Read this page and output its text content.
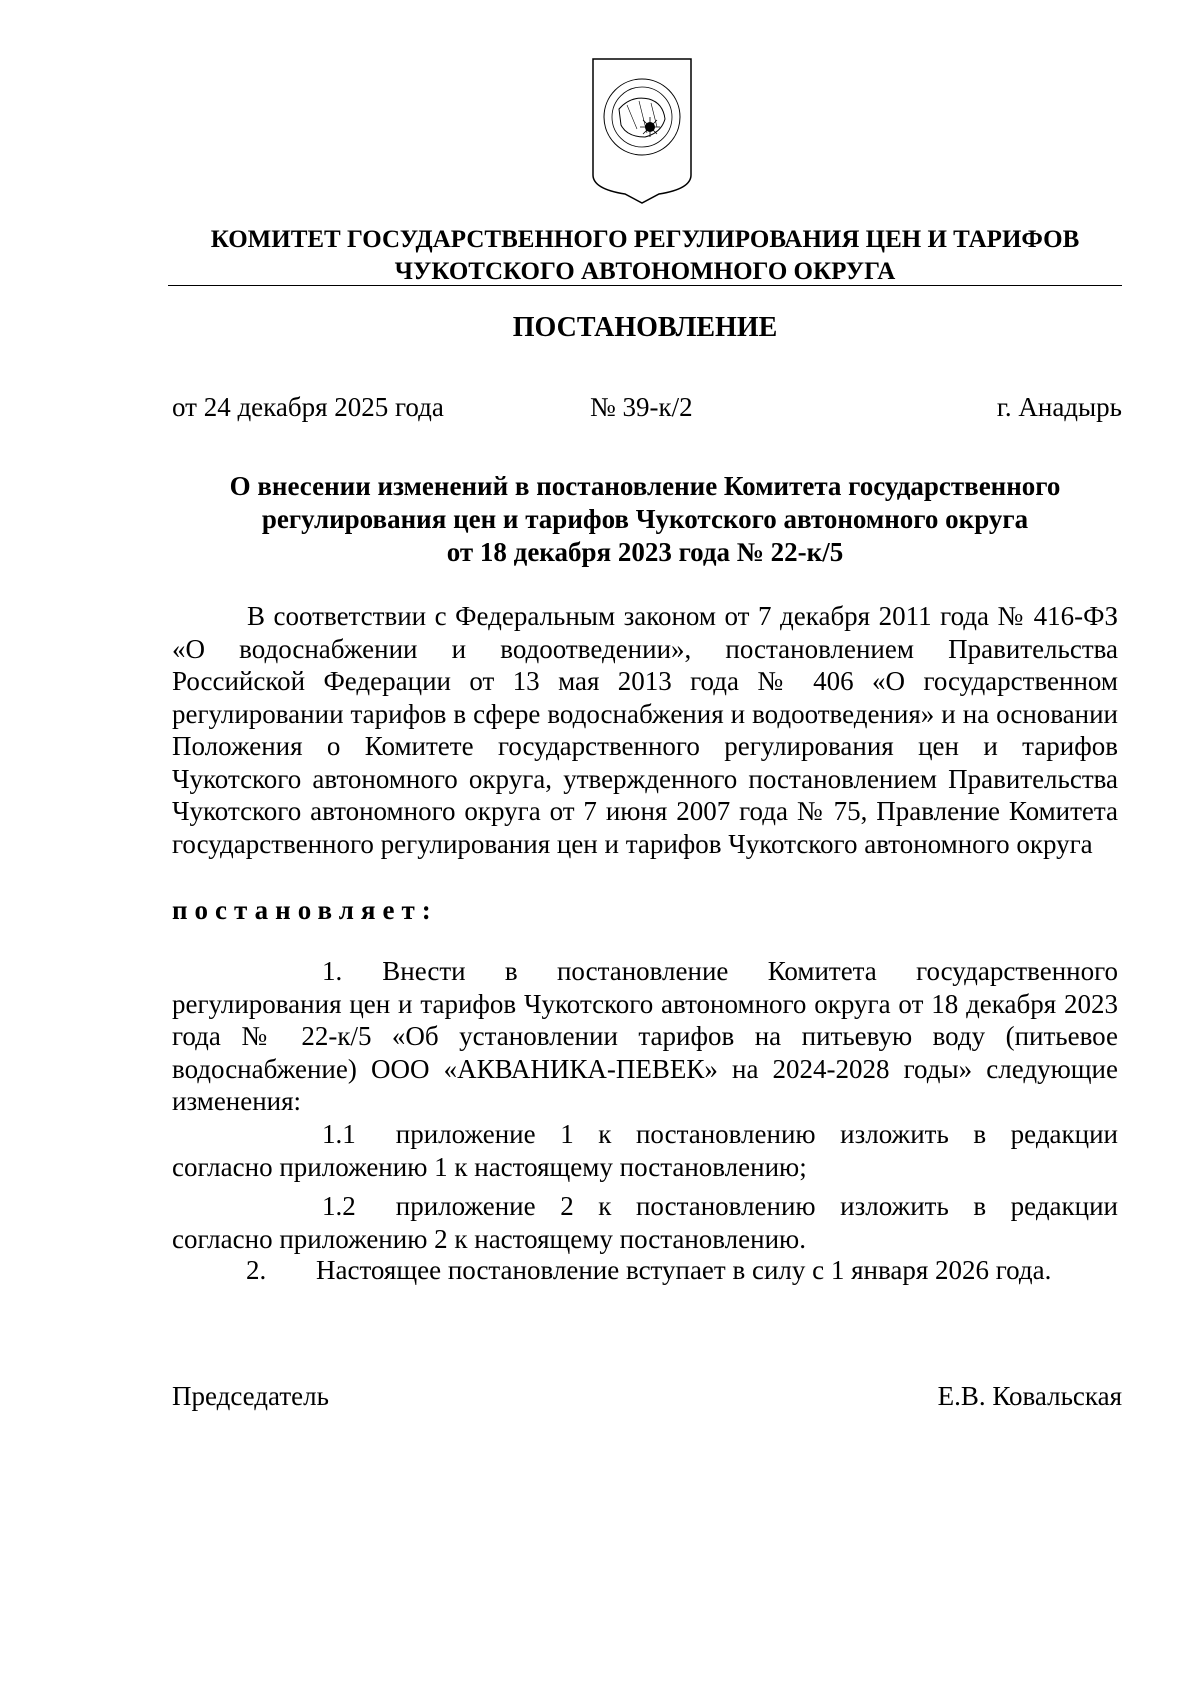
КОМИТЕТ ГОСУДАРСТВЕННОГО РЕГУЛИРОВАНИЯ ЦЕН И ТАРИФОВ
ЧУКОТСКОГО АВТОНОМНОГО ОКРУГА
ПОСТАНОВЛЕНИЕ
от 24 декабря 2025 года	№ 39-к/2	г. Анадырь
О внесении изменений в постановление Комитета государственного
регулирования цен и тарифов Чукотского автономного округа
от 18 декабря 2023 года № 22-к/5

В соответствии с Федеральным законом от 7 декабря 2011 года № 416-ФЗ «О водоснабжении и водоотведении», постановлением Правительства Российской Федерации от 13 мая 2013 года № 406 «О государственном регулировании тарифов в сфере водоснабжения и водоотведения» и на основании Положения о Комитете государственного регулирования цен и тарифов Чукотского автономного округа, утвержденного постановлением Правительства Чукотского автономного округа от 7 июня 2007 года № 75, Правление Комитета государственного регулирования цен и тарифов Чукотского автономного округа

постановляет:

1. Внести в постановление Комитета государственного регулирования цен и тарифов Чукотского автономного округа от 18 декабря 2023 года № 22-к/5 «Об установлении тарифов на питьевую воду (питьевое водоснабжение) ООО «АКВАНИКА-ПЕВЕК» на 2024-2028 годы» следующие изменения:

1.1 приложение 1 к постановлению изложить в редакции согласно приложению 1 к настоящему постановлению;

1.2 приложение 2 к постановлению изложить в редакции согласно приложению 2 к настоящему постановлению.

2. Настоящее постановление вступает в силу с 1 января 2026 года.
Председатель	Е.В. Ковальская
